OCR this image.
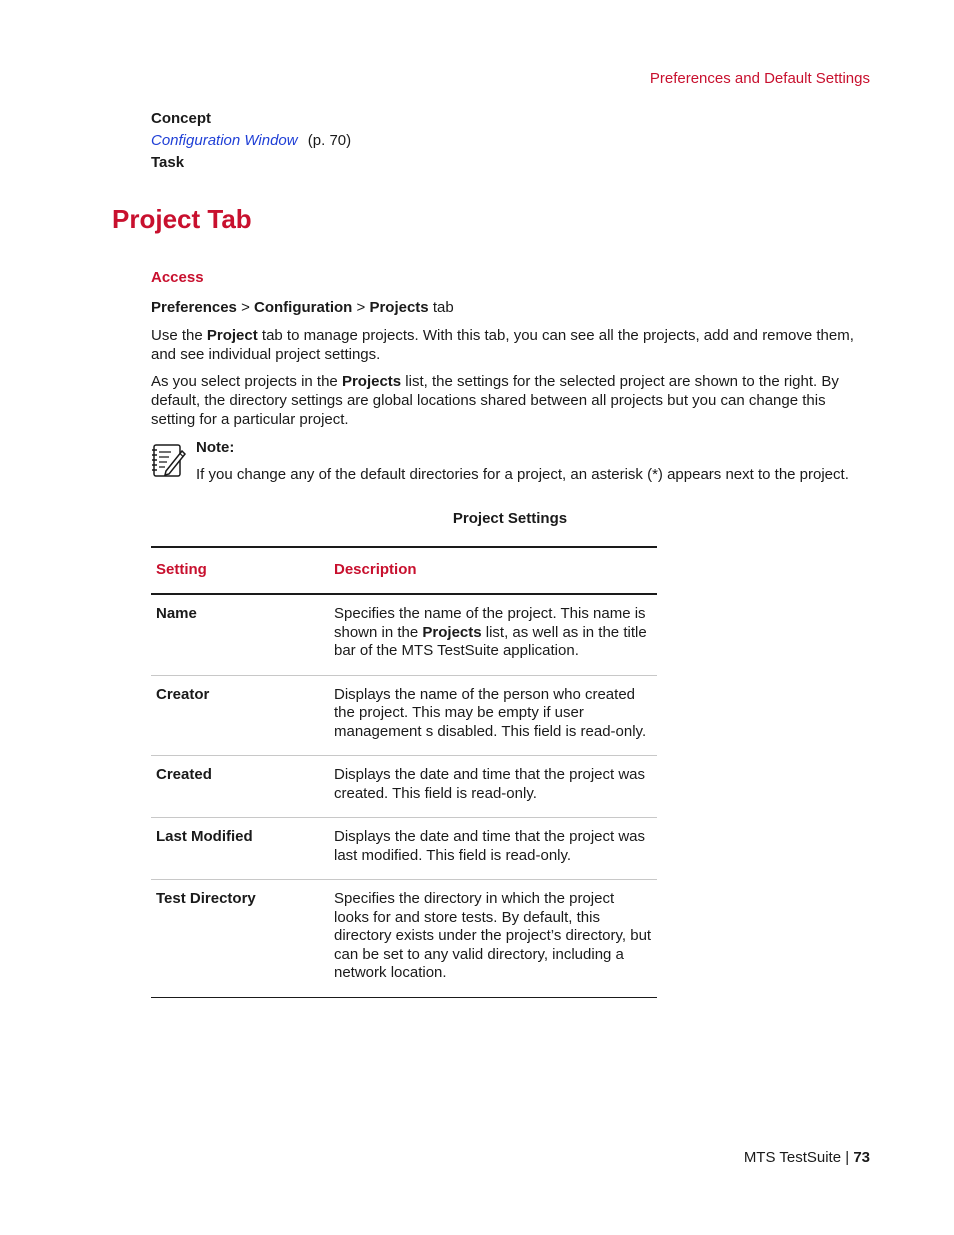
Preferences and Default Settings
Concept
Configuration Window (p. 70)
Task
Project Tab
Access
Preferences > Configuration > Projects tab
Use the Project tab to manage projects. With this tab, you can see all the projects, add and remove them, and see individual project settings.
As you select projects in the Projects list, the settings for the selected project are shown to the right. By default, the directory settings are global locations shared between all projects but you can change this setting for a particular project.
Note:
If you change any of the default directories for a project, an asterisk (*) appears next to the project.
Project Settings
Setting	Description
Name	Specifies the name of the project. This name is shown in the Projects list, as well as in the title bar of the MTS TestSuite application.
Creator	Displays the name of the person who created the project. This may be empty if user management s disabled. This field is read-only.
Created	Displays the date and time that the project was created. This field is read-only.
Last Modified	Displays the date and time that the project was last modified. This field is read-only.
Test Directory	Specifies the directory in which the project looks for and store tests. By default, this directory exists under the project’s directory, but can be set to any valid directory, including a network location.
MTS TestSuite | 73
